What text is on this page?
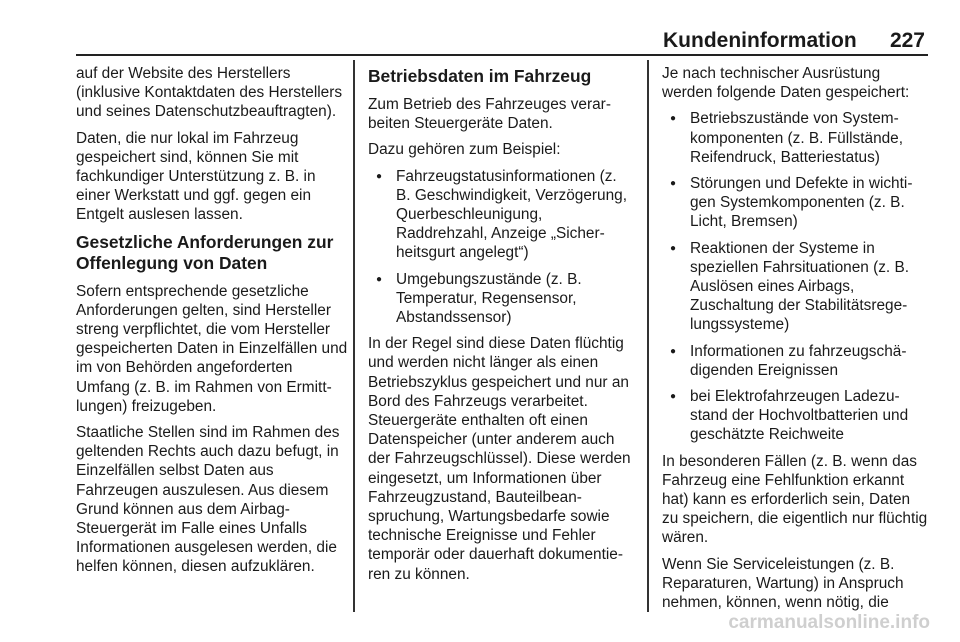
Kundeninformation 227

auf der Website des Herstellers (inklusive Kontaktdaten des Herstellers und seines Datenschutzbeauftragten).

Daten, die nur lokal im Fahrzeug gespeichert sind, können Sie mit fachkundiger Unterstützung z. B. in einer Werkstatt und ggf. gegen ein Entgelt auslesen lassen.

Gesetzliche Anforderungen zur Offenlegung von Daten

Sofern entsprechende gesetzliche Anforderungen gelten, sind Hersteller streng verpflichtet, die vom Hersteller gespeicherten Daten in Einzelfällen und im von Behörden angeforderten Umfang (z. B. im Rahmen von Ermittlungen) freizugeben.

Staatliche Stellen sind im Rahmen des geltenden Rechts auch dazu befugt, in Einzelfällen selbst Daten aus Fahrzeugen auszulesen. Aus diesem Grund können aus dem Airbag-Steuergerät im Falle eines Unfalls Informationen ausgelesen werden, die helfen können, diesen aufzuklären.

Betriebsdaten im Fahrzeug

Zum Betrieb des Fahrzeuges verarbeiten Steuergeräte Daten.

Dazu gehören zum Beispiel:

● Fahrzeugstatusinformationen (z. B. Geschwindigkeit, Verzögerung, Querbeschleunigung, Raddrehzahl, Anzeige „Sicherheitsgurt angelegt“)
● Umgebungszustände (z. B. Temperatur, Regensensor, Abstandssensor)

In der Regel sind diese Daten flüchtig und werden nicht länger als einen Betriebszyklus gespeichert und nur an Bord des Fahrzeugs verarbeitet. Steuergeräte enthalten oft einen Datenspeicher (unter anderem auch der Fahrzeugschlüssel). Diese werden eingesetzt, um Informationen über Fahrzeugzustand, Bauteilbeanspruchung, Wartungsbedarfe sowie technische Ereignisse und Fehler temporär oder dauerhaft dokumentieren zu können.

Je nach technischer Ausrüstung werden folgende Daten gespeichert:

● Betriebszustände von Systemkomponenten (z. B. Füllstände, Reifendruck, Batteriestatus)
● Störungen und Defekte in wichtigen Systemkomponenten (z. B. Licht, Bremsen)
● Reaktionen der Systeme in speziellen Fahrsituationen (z. B. Auslösen eines Airbags, Zuschaltung der Stabilitätsregelungssysteme)
● Informationen zu fahrzeugschädigenden Ereignissen
● bei Elektrofahrzeugen Ladezustand der Hochvoltbatterien und geschätzte Reichweite

In besonderen Fällen (z. B. wenn das Fahrzeug eine Fehlfunktion erkannt hat) kann es erforderlich sein, Daten zu speichern, die eigentlich nur flüchtig wären.

Wenn Sie Serviceleistungen (z. B. Reparaturen, Wartung) in Anspruch nehmen, können, wenn nötig, die

carmanualsonline.info
